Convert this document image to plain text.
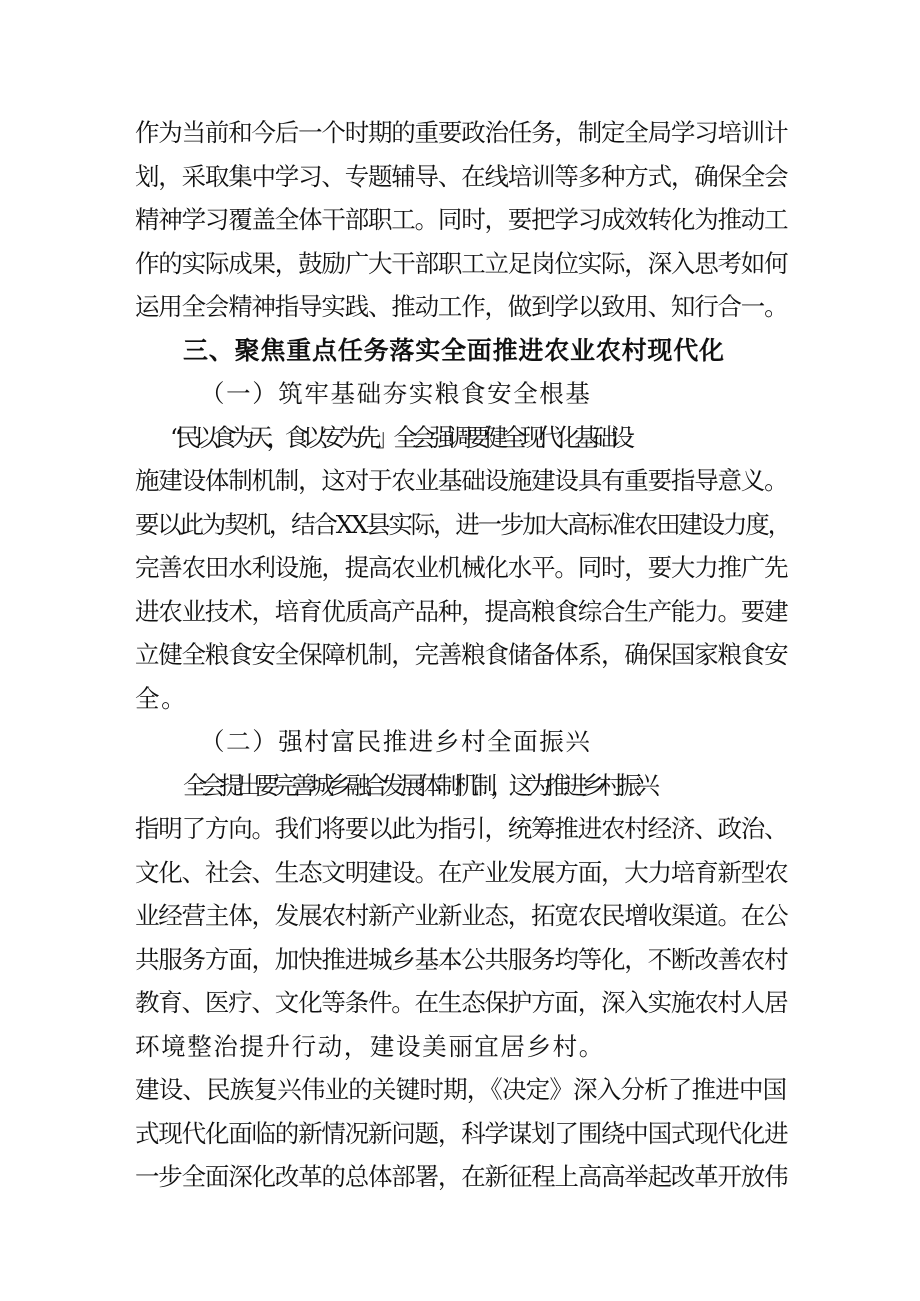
作为当前和今后一个时期的重要政治任务，制定全局学习培训计
划，采取集中学习、专题辅导、在线培训等多种方式，确保全会
精神学习覆盖全体干部职工。同时，要把学习成效转化为推动工
作的实际成果，鼓励广大干部职工立足岗位实际，深入思考如何
运用全会精神指导实践、推动工作，做到学以致用、知行合一。
三、聚焦重点任务落实全面推进农业农村现代化
（一）筑牢基础夯实粮食安全根基
“民以食为天，食以安为先」全会强调要健全现代化基础设
施建设体制机制，这对于农业基础设施建设具有重要指导意义。
要以此为契机，结合XX县实际，进一步加大高标准农田建设力度，
完善农田水利设施，提高农业机械化水平。同时，要大力推广先
进农业技术，培育优质高产品种，提高粮食综合生产能力。要建
立健全粮食安全保障机制，完善粮食储备体系，确保国家粮食安
全。
（二）强村富民推进乡村全面振兴
全会提出要完善城乡融合发展体制机制，这为推进乡村振兴
指明了方向。我们将要以此为指引，统筹推进农村经济、政治、
文化、社会、生态文明建设。在产业发展方面，大力培育新型农
业经营主体，发展农村新产业新业态，拓宽农民增收渠道。在公
共服务方面，加快推进城乡基本公共服务均等化，不断改善农村
教育、医疗、文化等条件。在生态保护方面，深入实施农村人居
环境整治提升行动，建设美丽宜居乡村。
建设、民族复兴伟业的关键时期，《决定》深入分析了推进中国
式现代化面临的新情况新问题，科学谋划了围绕中国式现代化进
一步全面深化改革的总体部署，在新征程上高高举起改革开放伟
